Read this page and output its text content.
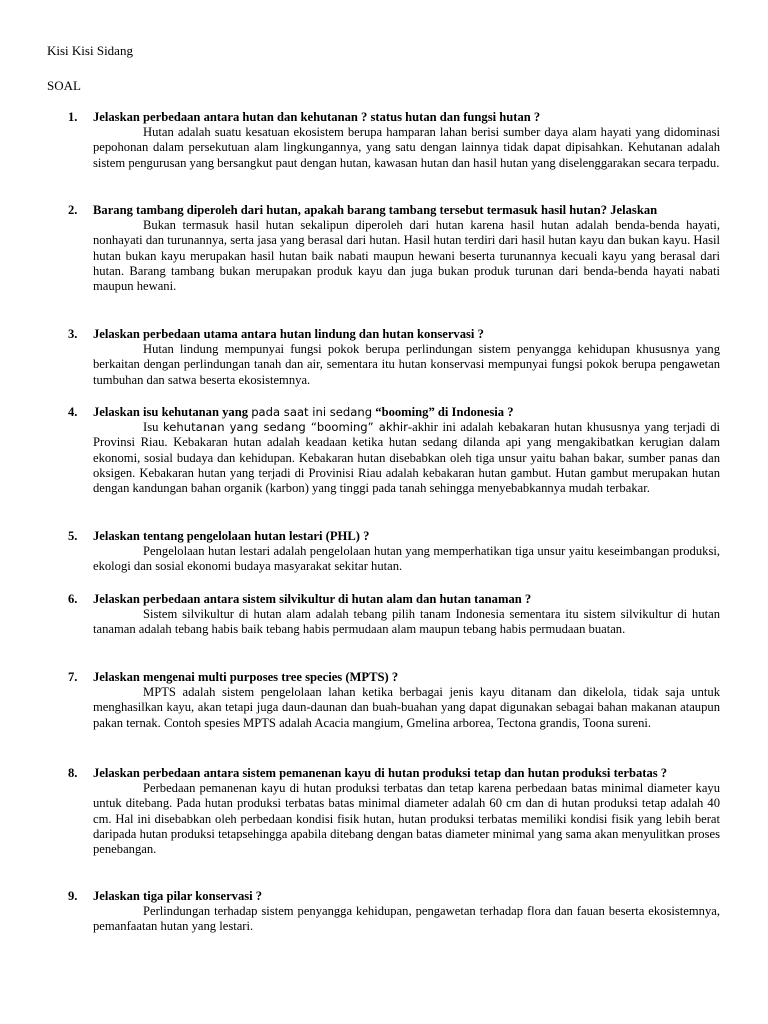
Kisi Kisi Sidang
SOAL
1. Jelaskan perbedaan antara hutan dan kehutanan ? status hutan dan fungsi hutan ?
Hutan adalah suatu kesatuan ekosistem berupa hamparan lahan berisi sumber daya alam hayati yang didominasi pepohonan dalam persekutuan alam lingkungannya, yang satu dengan lainnya tidak dapat dipisahkan. Kehutanan adalah sistem pengurusan yang bersangkut paut dengan hutan, kawasan hutan dan hasil hutan yang diselenggarakan secara terpadu.
2. Barang tambang diperoleh dari hutan, apakah barang tambang tersebut termasuk hasil hutan? Jelaskan
Bukan termasuk hasil hutan sekalipun diperoleh dari hutan karena hasil hutan adalah benda-benda hayati, nonhayati dan turunannya, serta jasa yang berasal dari hutan. Hasil hutan terdiri dari hasil hutan kayu dan bukan kayu. Hasil hutan bukan kayu merupakan hasil hutan baik nabati maupun hewani beserta turunannya kecuali kayu yang berasal dari hutan. Barang tambang bukan merupakan produk kayu dan juga bukan produk turunan dari benda-benda hayati nabati maupun hewani.
3. Jelaskan perbedaan utama antara hutan lindung dan hutan konservasi ?
Hutan lindung mempunyai fungsi pokok berupa perlindungan sistem penyangga kehidupan khususnya yang berkaitan dengan perlindungan tanah dan air, sementara itu hutan konservasi mempunyai fungsi pokok berupa pengawetan tumbuhan dan satwa beserta ekosistemnya.
4. Jelaskan isu kehutanan yang pada saat ini sedang “booming” di Indonesia ?
Isu kehutanan yang sedang “booming” akhir-akhir ini adalah kebakaran hutan khususnya yang terjadi di Provinsi Riau. Kebakaran hutan adalah keadaan ketika hutan sedang dilanda api yang mengakibatkan kerugian dalam ekonomi, sosial budaya dan kehidupan. Kebakaran hutan disebabkan oleh tiga unsur yaitu bahan bakar, sumber panas dan oksigen. Kebakaran hutan yang terjadi di Provinisi Riau adalah kebakaran hutan gambut. Hutan gambut merupakan hutan dengan kandungan bahan organik (karbon) yang tinggi pada tanah sehingga menyebabkannya mudah terbakar.
5. Jelaskan tentang pengelolaan hutan lestari (PHL) ?
Pengelolaan hutan lestari adalah pengelolaan hutan yang memperhatikan tiga unsur yaitu keseimbangan produksi, ekologi dan sosial ekonomi budaya masyarakat sekitar hutan.
6. Jelaskan perbedaan antara sistem silvikultur di hutan alam dan hutan tanaman ?
Sistem silvikultur di hutan alam adalah tebang pilih tanam Indonesia sementara itu sistem silvikultur di hutan tanaman adalah tebang habis baik tebang habis permudaan alam maupun tebang habis permudaan buatan.
7. Jelaskan mengenai multi purposes tree species (MPTS) ?
MPTS adalah sistem pengelolaan lahan ketika berbagai jenis kayu ditanam dan dikelola, tidak saja untuk menghasilkan kayu, akan tetapi juga daun-daunan dan buah-buahan yang dapat digunakan sebagai bahan makanan ataupun pakan ternak. Contoh spesies MPTS adalah Acacia mangium, Gmelina arborea, Tectona grandis, Toona sureni.
8. Jelaskan perbedaan antara sistem pemanenan kayu di hutan produksi tetap dan hutan produksi terbatas ?
Perbedaan pemanenan kayu di hutan produksi terbatas dan tetap karena perbedaan batas minimal diameter kayu untuk ditebang. Pada hutan produksi terbatas batas minimal diameter adalah 60 cm dan di hutan produksi tetap adalah 40 cm. Hal ini disebabkan oleh perbedaan kondisi fisik hutan, hutan produksi terbatas memiliki kondisi fisik yang lebih berat daripada hutan produksi tetapsehingga apabila ditebang dengan batas diameter minimal yang sama akan menyulitkan proses penebangan.
9. Jelaskan tiga pilar konservasi ?
Perlindungan terhadap sistem penyangga kehidupan, pengawetan terhadap flora dan fauan beserta ekosistemnya, pemanfaatan hutan yang lestari.
